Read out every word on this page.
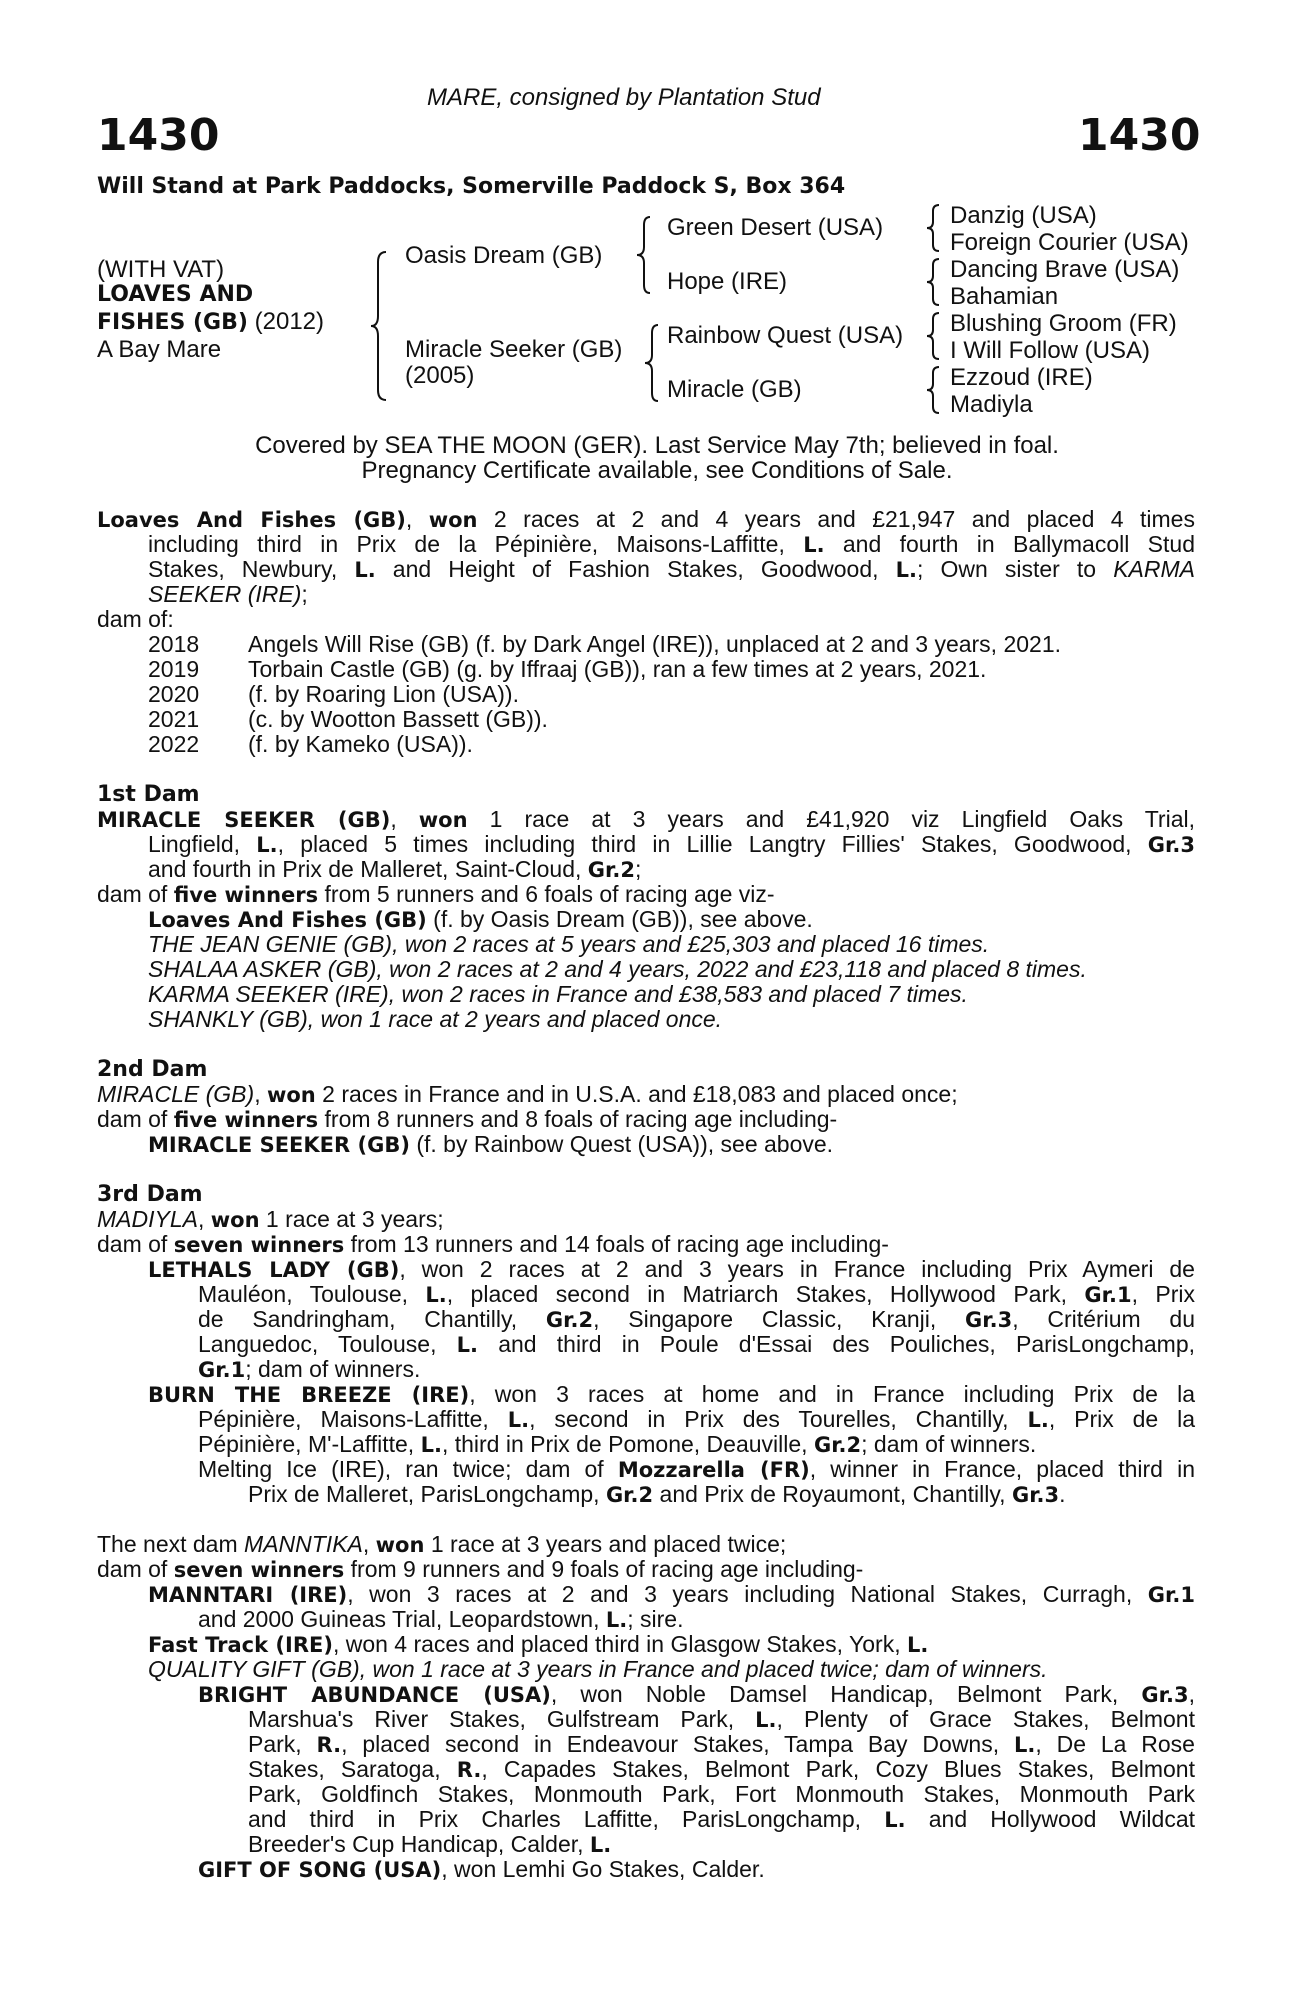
MARE, consigned by Plantation Stud
1430	1430
Will Stand at Park Paddocks, Somerville Paddock S, Box 364
(WITH VAT)
LOAVES AND
FISHES (GB) (2012)
A Bay Mare
Oasis Dream (GB)
Miracle Seeker (GB)
(2005)
Green Desert (USA)
Hope (IRE)
Rainbow Quest (USA)
Miracle (GB)
Danzig (USA)
Foreign Courier (USA)
Dancing Brave (USA)
Bahamian
Blushing Groom (FR)
I Will Follow (USA)
Ezzoud (IRE)
Madiyla
Covered by SEA THE MOON (GER). Last Service May 7th; believed in foal.
Pregnancy Certificate available, see Conditions of Sale.
Loaves And Fishes (GB), won 2 races at 2 and 4 years and £21,947 and placed 4 times
including third in Prix de la Pépinière, Maisons-Laffitte, L. and fourth in Ballymacoll Stud
Stakes, Newbury, L. and Height of Fashion Stakes, Goodwood, L.; Own sister to KARMA
SEEKER (IRE);
dam of:
2018	Angels Will Rise (GB) (f. by Dark Angel (IRE)), unplaced at 2 and 3 years, 2021.
2019	Torbain Castle (GB) (g. by Iffraaj (GB)), ran a few times at 2 years, 2021.
2020	(f. by Roaring Lion (USA)).
2021	(c. by Wootton Bassett (GB)).
2022	(f. by Kameko (USA)).
1st Dam
MIRACLE SEEKER (GB), won 1 race at 3 years and £41,920 viz Lingfield Oaks Trial,
Lingfield, L., placed 5 times including third in Lillie Langtry Fillies' Stakes, Goodwood, Gr.3
and fourth in Prix de Malleret, Saint-Cloud, Gr.2;
dam of five winners from 5 runners and 6 foals of racing age viz-
Loaves And Fishes (GB) (f. by Oasis Dream (GB)), see above.
THE JEAN GENIE (GB), won 2 races at 5 years and £25,303 and placed 16 times.
SHALAA ASKER (GB), won 2 races at 2 and 4 years, 2022 and £23,118 and placed 8 times.
KARMA SEEKER (IRE), won 2 races in France and £38,583 and placed 7 times.
SHANKLY (GB), won 1 race at 2 years and placed once.
2nd Dam
MIRACLE (GB), won 2 races in France and in U.S.A. and £18,083 and placed once;
dam of five winners from 8 runners and 8 foals of racing age including-
MIRACLE SEEKER (GB) (f. by Rainbow Quest (USA)), see above.
3rd Dam
MADIYLA, won 1 race at 3 years;
dam of seven winners from 13 runners and 14 foals of racing age including-
LETHALS LADY (GB), won 2 races at 2 and 3 years in France including Prix Aymeri de
Mauléon, Toulouse, L., placed second in Matriarch Stakes, Hollywood Park, Gr.1, Prix
de Sandringham, Chantilly, Gr.2, Singapore Classic, Kranji, Gr.3, Critérium du
Languedoc, Toulouse, L. and third in Poule d'Essai des Pouliches, ParisLongchamp,
Gr.1; dam of winners.
BURN THE BREEZE (IRE), won 3 races at home and in France including Prix de la
Pépinière, Maisons-Laffitte, L., second in Prix des Tourelles, Chantilly, L., Prix de la
Pépinière, M'-Laffitte, L., third in Prix de Pomone, Deauville, Gr.2; dam of winners.
Melting Ice (IRE), ran twice; dam of Mozzarella (FR), winner in France, placed third in
Prix de Malleret, ParisLongchamp, Gr.2 and Prix de Royaumont, Chantilly, Gr.3.
The next dam MANNTIKA, won 1 race at 3 years and placed twice;
dam of seven winners from 9 runners and 9 foals of racing age including-
MANNTARI (IRE), won 3 races at 2 and 3 years including National Stakes, Curragh, Gr.1
and 2000 Guineas Trial, Leopardstown, L.; sire.
Fast Track (IRE), won 4 races and placed third in Glasgow Stakes, York, L.
QUALITY GIFT (GB), won 1 race at 3 years in France and placed twice; dam of winners.
BRIGHT ABUNDANCE (USA), won Noble Damsel Handicap, Belmont Park, Gr.3,
Marshua's River Stakes, Gulfstream Park, L., Plenty of Grace Stakes, Belmont
Park, R., placed second in Endeavour Stakes, Tampa Bay Downs, L., De La Rose
Stakes, Saratoga, R., Capades Stakes, Belmont Park, Cozy Blues Stakes, Belmont
Park, Goldfinch Stakes, Monmouth Park, Fort Monmouth Stakes, Monmouth Park
and third in Prix Charles Laffitte, ParisLongchamp, L. and Hollywood Wildcat
Breeder's Cup Handicap, Calder, L.
GIFT OF SONG (USA), won Lemhi Go Stakes, Calder.
